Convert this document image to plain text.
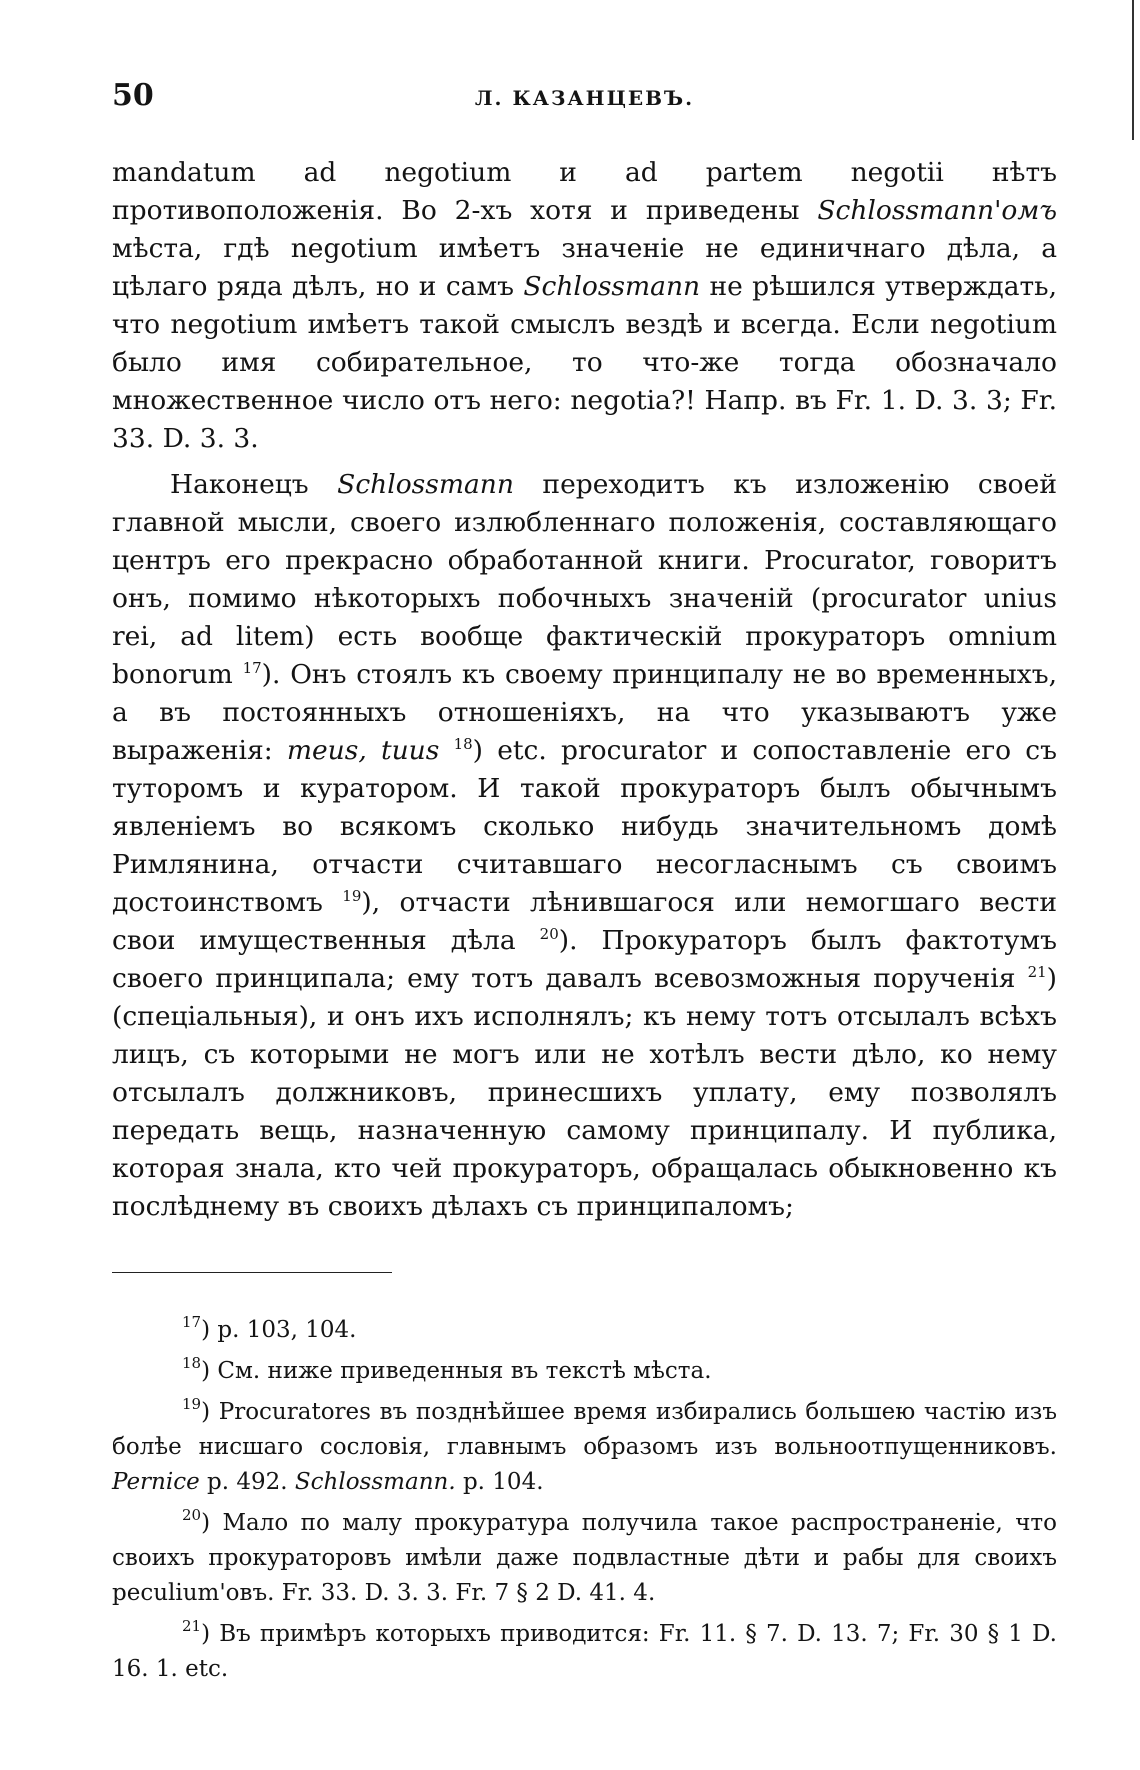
50	Л. КАЗАНЦЕВЪ.

mandatum ad negotium и ad partem negotii нѣтъ противоположенія. Во 2-хъ хотя и приведены Schlossmann'омъ мѣста, гдѣ negotium имѣетъ значеніе не единичнаго дѣла, а цѣлаго ряда дѣлъ, но и самъ Schlossmann не рѣшился утверждать, что negotium имѣетъ такой смыслъ вездѣ и всегда. Если negotium было имя собирательное, то что-же тогда обозначало множественное число отъ него: negotia?! Напр. въ Fr. 1. D. 3. 3; Fr. 33. D. 3. 3.

Наконецъ Schlossmann переходитъ къ изложенію своей главной мысли, своего излюбленнаго положенія, составляющаго центръ его прекрасно обработанной книги. Procurator, говоритъ онъ, помимо нѣкоторыхъ побочныхъ значеній (procurator unius rei, ad litem) есть вообще фактическій прокураторъ omnium bonorum $^{17}$). Онъ стоялъ къ своему принципалу не во временныхъ, а въ постоянныхъ отношеніяхъ, на что указываютъ уже выраженія: meus, tuus $^{18}$) etc. procurator и сопоставленіе его съ туторомъ и куратором. И такой прокураторъ былъ обычнымъ явленіемъ во всякомъ сколько нибудь значительномъ домѣ Римлянина, отчасти считавшаго несогласнымъ съ своимъ достоинствомъ $^{19}$), отчасти лѣнившагося или немогшаго вести свои имущественныя дѣла $^{20}$). Прокураторъ былъ фактотумъ своего принципала; ему тотъ давалъ всевозможныя порученія $^{21}$) (спеціальныя), и онъ ихъ исполнялъ; къ нему тотъ отсылалъ всѣхъ лицъ, съ которыми не могъ или не хотѣлъ вести дѣло, ко нему отсылалъ должниковъ, принесшихъ уплату, ему позволялъ передать вещь, назначенную самому принципалу. И публика, которая знала, кто чей прокураторъ, обращалась обыкновенно къ послѣднему въ своихъ дѣлахъ съ принципаломъ;

$^{17}$) p. 103, 104.

$^{18}$) См. ниже приведенныя въ текстѣ мѣста.

$^{19}$) Procuratores въ позднѣйшее время избирались большею частію изъ болѣе нисшаго сословія, главнымъ образомъ изъ вольноотпущенниковъ. Pernice p. 492. Schlossmann. p. 104.

$^{20}$) Мало по малу прокуратура получила такое распространеніе, что своихъ прокураторовъ имѣли даже подвластные дѣти и рабы для своихъ peculium'овъ. Fr. 33. D. 3. 3. Fr. 7 § 2 D. 41. 4.

$^{21}$) Въ примѣръ которыхъ приводится: Fr. 11. § 7. D. 13. 7; Fr. 30 § 1 D. 16. 1. etc.
